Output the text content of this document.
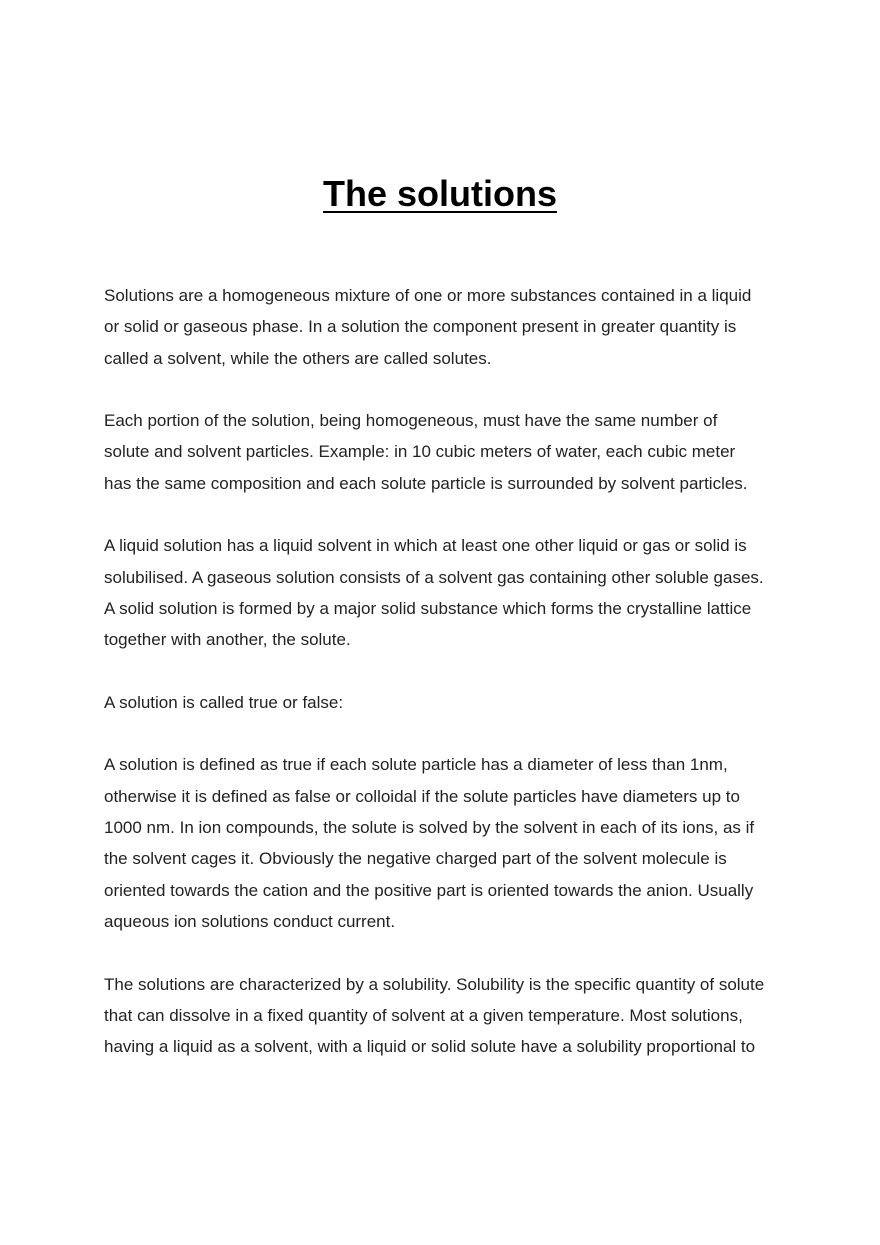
The solutions

Solutions are a homogeneous mixture of one or more substances contained in a liquid
or solid or gaseous phase. In a solution the component present in greater quantity is
called a solvent, while the others are called solutes.

Each portion of the solution, being homogeneous, must have the same number of
solute and solvent particles. Example: in 10 cubic meters of water, each cubic meter
has the same composition and each solute particle is surrounded by solvent particles.

A liquid solution has a liquid solvent in which at least one other liquid or gas or solid is
solubilised. A gaseous solution consists of a solvent gas containing other soluble gases.
A solid solution is formed by a major solid substance which forms the crystalline lattice
together with another, the solute.

A solution is called true or false:

A solution is defined as true if each solute particle has a diameter of less than 1nm,
otherwise it is defined as false or colloidal if the solute particles have diameters up to
1000 nm. In ion compounds, the solute is solved by the solvent in each of its ions, as if
the solvent cages it. Obviously the negative charged part of the solvent molecule is
oriented towards the cation and the positive part is oriented towards the anion. Usually
aqueous ion solutions conduct current.

The solutions are characterized by a solubility. Solubility is the specific quantity of solute
that can dissolve in a fixed quantity of solvent at a given temperature. Most solutions,
having a liquid as a solvent, with a liquid or solid solute have a solubility proportional to
